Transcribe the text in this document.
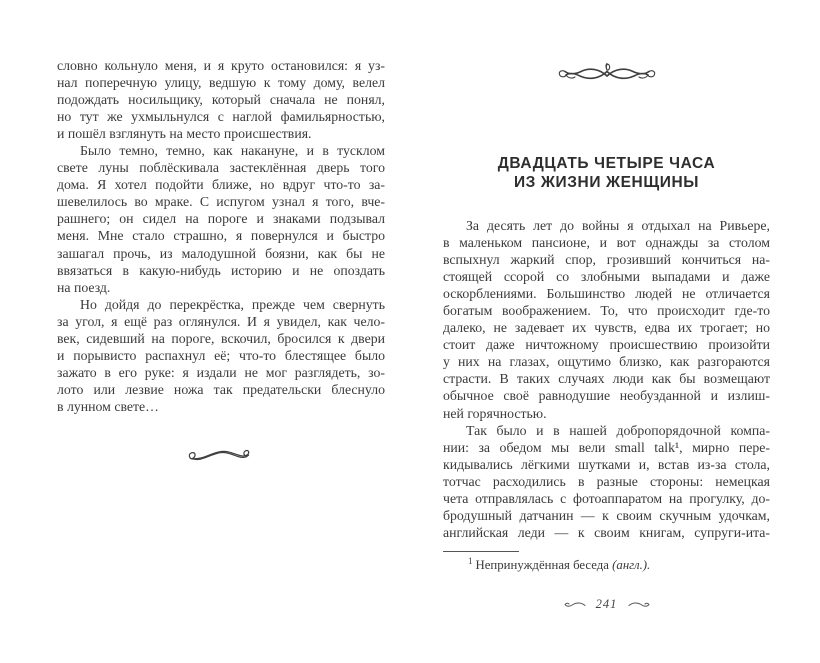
словно кольнуло меня, и я круто остановился: я уз-
нал поперечную улицу, ведшую к тому дому, велел
подождать носильщику, который сначала не понял,
но тут же ухмыльнулся с наглой фамильярностью,
и пошёл взглянуть на место происшествия.
Было темно, темно, как накануне, и в тусклом
свете луны поблёскивала застеклённая дверь того
дома. Я хотел подойти ближе, но вдруг что-то за-
шевелилось во мраке. С испугом узнал я того, вче-
рашнего; он сидел на пороге и знаками подзывал
меня. Мне стало страшно, я повернулся и быстро
зашагал прочь, из малодушной боязни, как бы не
ввязаться в какую-нибудь историю и не опоздать
на поезд.
Но дойдя до перекрёстка, прежде чем свернуть
за угол, я ещё раз оглянулся. И я увидел, как чело-
век, сидевший на пороге, вскочил, бросился к двери
и порывисто распахнул её; что-то блестящее было
зажато в его руке: я издали не мог разглядеть, зо-
лото или лезвие ножа так предательски блеснуло
в лунном свете…
ДВАДЦАТЬ ЧЕТЫРЕ ЧАСА
ИЗ ЖИЗНИ ЖЕНЩИНЫ
За десять лет до войны я отдыхал на Ривьере,
в маленьком пансионе, и вот однажды за столом
вспыхнул жаркий спор, грозивший кончиться на-
стоящей ссорой со злобными выпадами и даже
оскорблениями. Большинство людей не отличается
богатым воображением. То, что происходит где-то
далеко, не задевает их чувств, едва их трогает; но
стоит даже ничтожному происшествию произойти
у них на глазах, ощутимо близко, как разгораются
страсти. В таких случаях люди как бы возмещают
обычное своё равнодушие необузданной и излиш-
ней горячностью.
Так было и в нашей добропорядочной компа-
нии: за обедом мы вели small talk¹, мирно пере-
кидывались лёгкими шутками и, встав из-за стола,
тотчас расходились в разные стороны: немецкая
чета отправлялась с фотоаппаратом на прогулку, до-
бродушный датчанин — к своим скучным удочкам,
английская леди — к своим книгам, супруги-ита-
$^1$ Непринуждённая беседа (англ.).
241
